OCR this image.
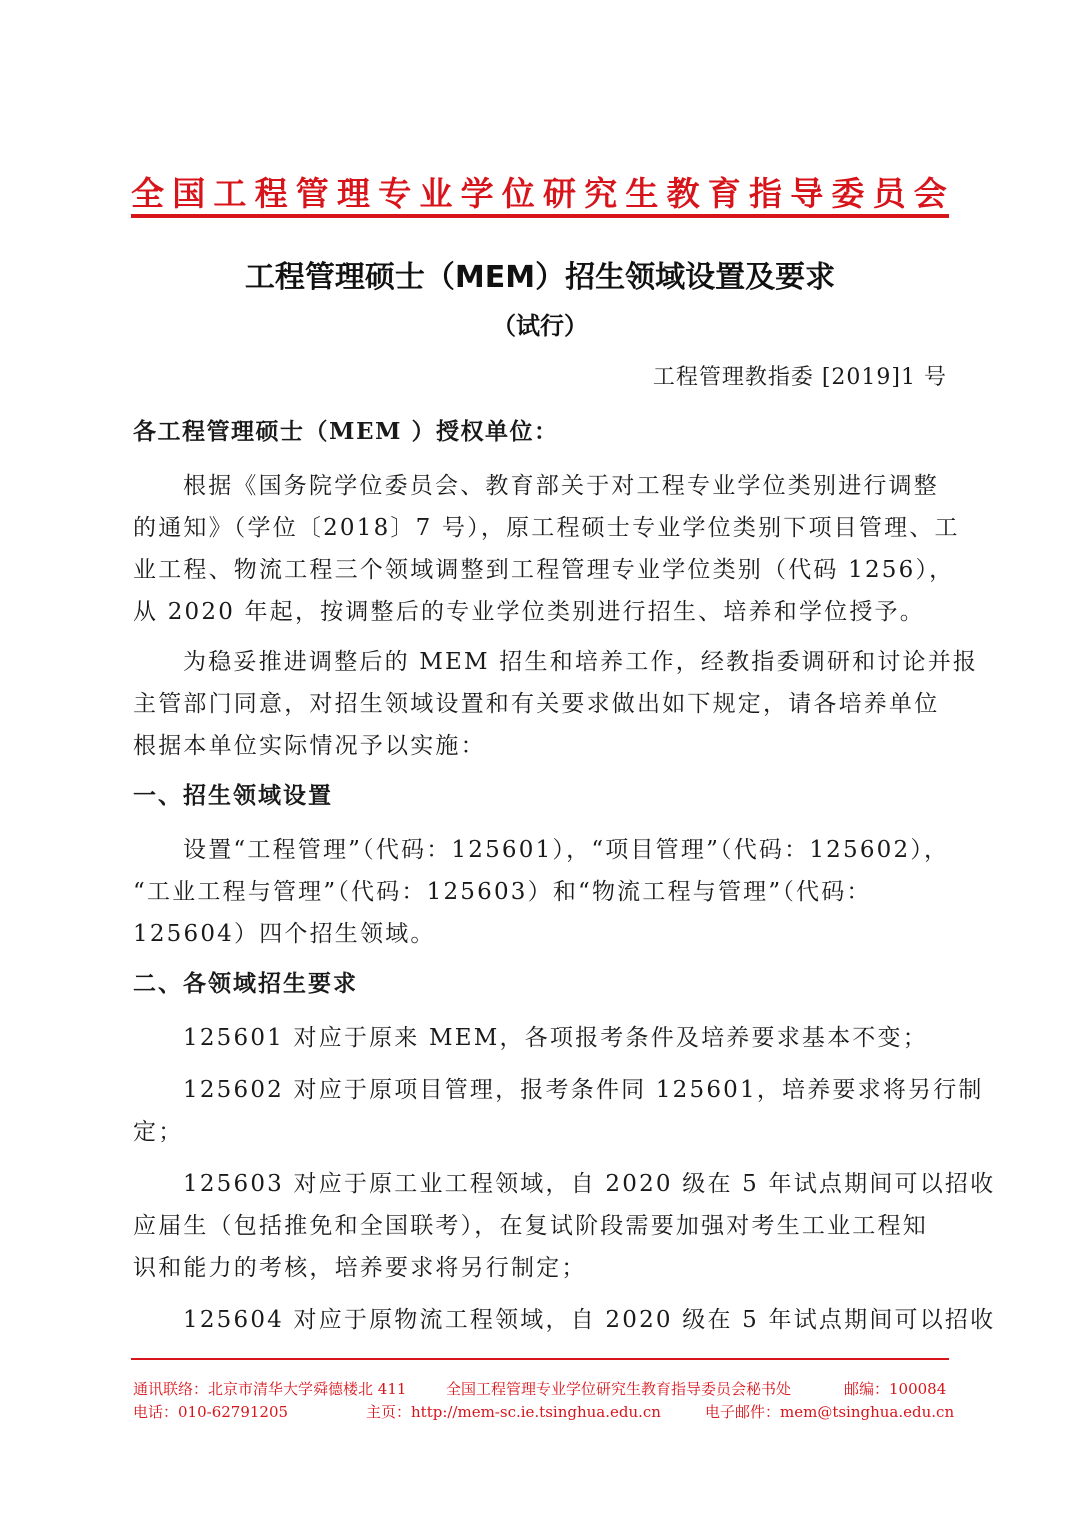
全国工程管理专业学位研究生教育指导委员会
工程管理硕士（MEM）招生领域设置及要求
（试行）
工程管理教指委 [2019]1 号
各工程管理硕士（MEM ）授权单位：
根据《国务院学位委员会、教育部关于对工程专业学位类别进行调整
的通知》（学位〔2018〕7 号），原工程硕士专业学位类别下项目管理、工
业工程、物流工程三个领域调整到工程管理专业学位类别（代码 1256），
从 2020 年起，按调整后的专业学位类别进行招生、培养和学位授予。
为稳妥推进调整后的 MEM 招生和培养工作，经教指委调研和讨论并报
主管部门同意，对招生领域设置和有关要求做出如下规定，请各培养单位
根据本单位实际情况予以实施：
一、招生领域设置
设置“工程管理”（代码：125601），“项目管理”（代码：125602），
“工业工程与管理”（代码：125603）和“物流工程与管理”（代码：
125604）四个招生领域。
二、各领域招生要求
125601 对应于原来 MEM，各项报考条件及培养要求基本不变；
125602 对应于原项目管理，报考条件同 125601，培养要求将另行制
定；
125603 对应于原工业工程领域，自 2020 级在 5 年试点期间可以招收
应届生（包括推免和全国联考），在复试阶段需要加强对考生工业工程知
识和能力的考核，培养要求将另行制定；
125604 对应于原物流工程领域，自 2020 级在 5 年试点期间可以招收
通讯联络：北京市清华大学舜德楼北 411	全国工程管理专业学位研究生教育指导委员会秘书处	邮编：100084
电话：010-62791205	主页：http://mem-sc.ie.tsinghua.edu.cn	电子邮件：mem@tsinghua.edu.cn
